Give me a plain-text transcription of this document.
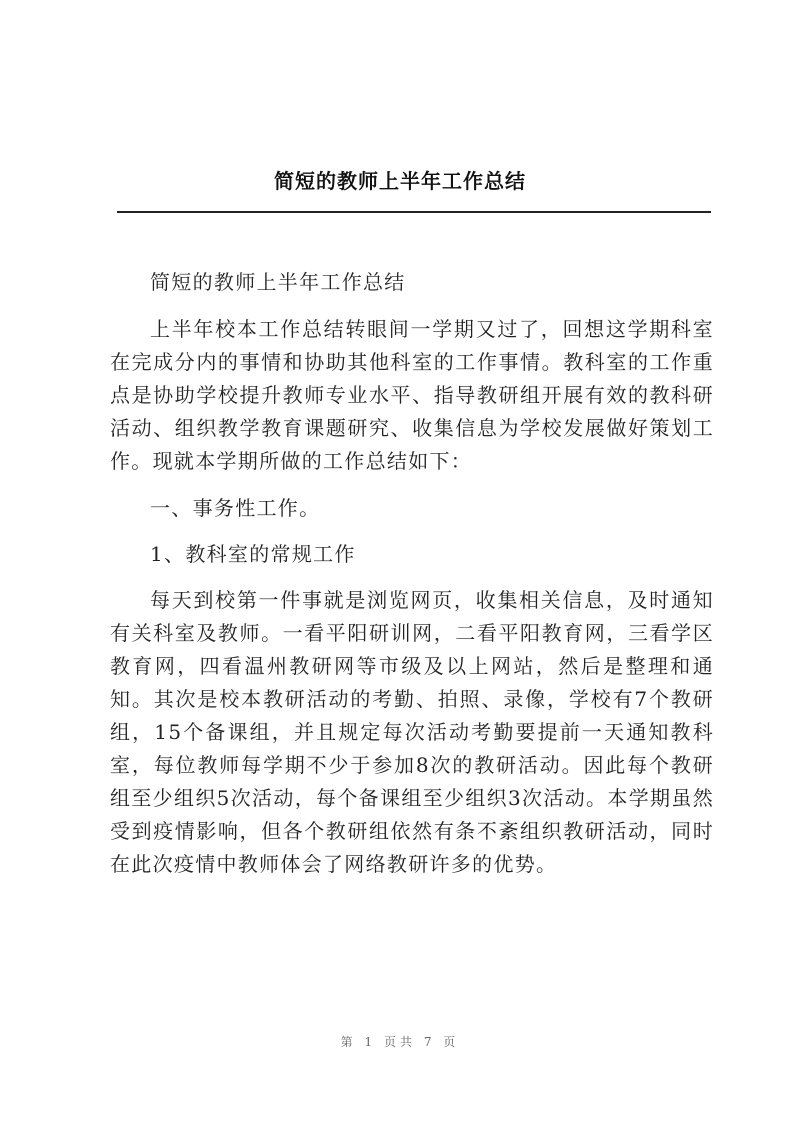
简短的教师上半年工作总结

简短的教师上半年工作总结

上半年校本工作总结转眼间一学期又过了，回想这学期科室在完成分内的事情和协助其他科室的工作事情。教科室的工作重点是协助学校提升教师专业水平、指导教研组开展有效的教科研活动、组织教学教育课题研究、收集信息为学校发展做好策划工作。现就本学期所做的工作总结如下：

一、事务性工作。

1、教科室的常规工作

每天到校第一件事就是浏览网页，收集相关信息，及时通知有关科室及教师。一看平阳研训网，二看平阳教育网，三看学区教育网，四看温州教研网等市级及以上网站，然后是整理和通知。其次是校本教研活动的考勤、拍照、录像，学校有7个教研组，15个备课组，并且规定每次活动考勤要提前一天通知教科室，每位教师每学期不少于参加8次的教研活动。因此每个教研组至少组织5次活动，每个备课组至少组织3次活动。本学期虽然受到疫情影响，但各个教研组依然有条不紊组织教研活动，同时在此次疫情中教师体会了网络教研许多的优势。

第 1 页共 7 页
